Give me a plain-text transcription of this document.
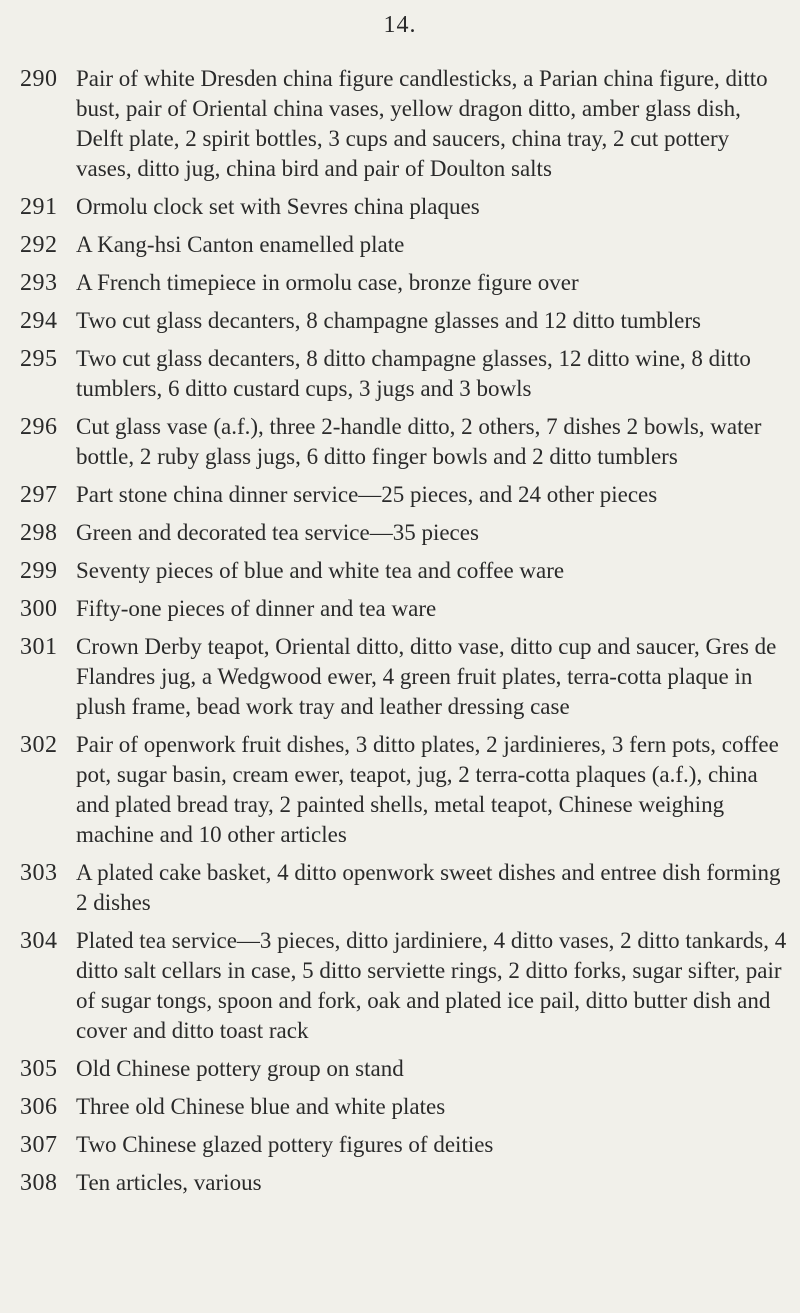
14.
290 Pair of white Dresden china figure candlesticks, a Parian china figure, ditto bust, pair of Oriental china vases, yellow dragon ditto, amber glass dish, Delft plate, 2 spirit bottles, 3 cups and saucers, china tray, 2 cut pottery vases, ditto jug, china bird and pair of Doulton salts
291 Ormolu clock set with Sevres china plaques
292 A Kang-hsi Canton enamelled plate
293 A French timepiece in ormolu case, bronze figure over
294 Two cut glass decanters, 8 champagne glasses and 12 ditto tumblers
295 Two cut glass decanters, 8 ditto champagne glasses, 12 ditto wine, 8 ditto tumblers, 6 ditto custard cups, 3 jugs and 3 bowls
296 Cut glass vase (a.f.), three 2-handle ditto, 2 others, 7 dishes 2 bowls, water bottle, 2 ruby glass jugs, 6 ditto finger bowls and 2 ditto tumblers
297 Part stone china dinner service—25 pieces, and 24 other pieces
298 Green and decorated tea service—35 pieces
299 Seventy pieces of blue and white tea and coffee ware
300 Fifty-one pieces of dinner and tea ware
301 Crown Derby teapot, Oriental ditto, ditto vase, ditto cup and saucer, Gres de Flandres jug, a Wedgwood ewer, 4 green fruit plates, terra-cotta plaque in plush frame, bead work tray and leather dressing case
302 Pair of openwork fruit dishes, 3 ditto plates, 2 jardinieres, 3 fern pots, coffee pot, sugar basin, cream ewer, teapot, jug, 2 terra-cotta plaques (a.f.), china and plated bread tray, 2 painted shells, metal teapot, Chinese weighing machine and 10 other articles
303 A plated cake basket, 4 ditto openwork sweet dishes and entree dish forming 2 dishes
304 Plated tea service—3 pieces, ditto jardiniere, 4 ditto vases, 2 ditto tankards, 4 ditto salt cellars in case, 5 ditto serviette rings, 2 ditto forks, sugar sifter, pair of sugar tongs, spoon and fork, oak and plated ice pail, ditto butter dish and cover and ditto toast rack
305 Old Chinese pottery group on stand
306 Three old Chinese blue and white plates
307 Two Chinese glazed pottery figures of deities
308 Ten articles, various
